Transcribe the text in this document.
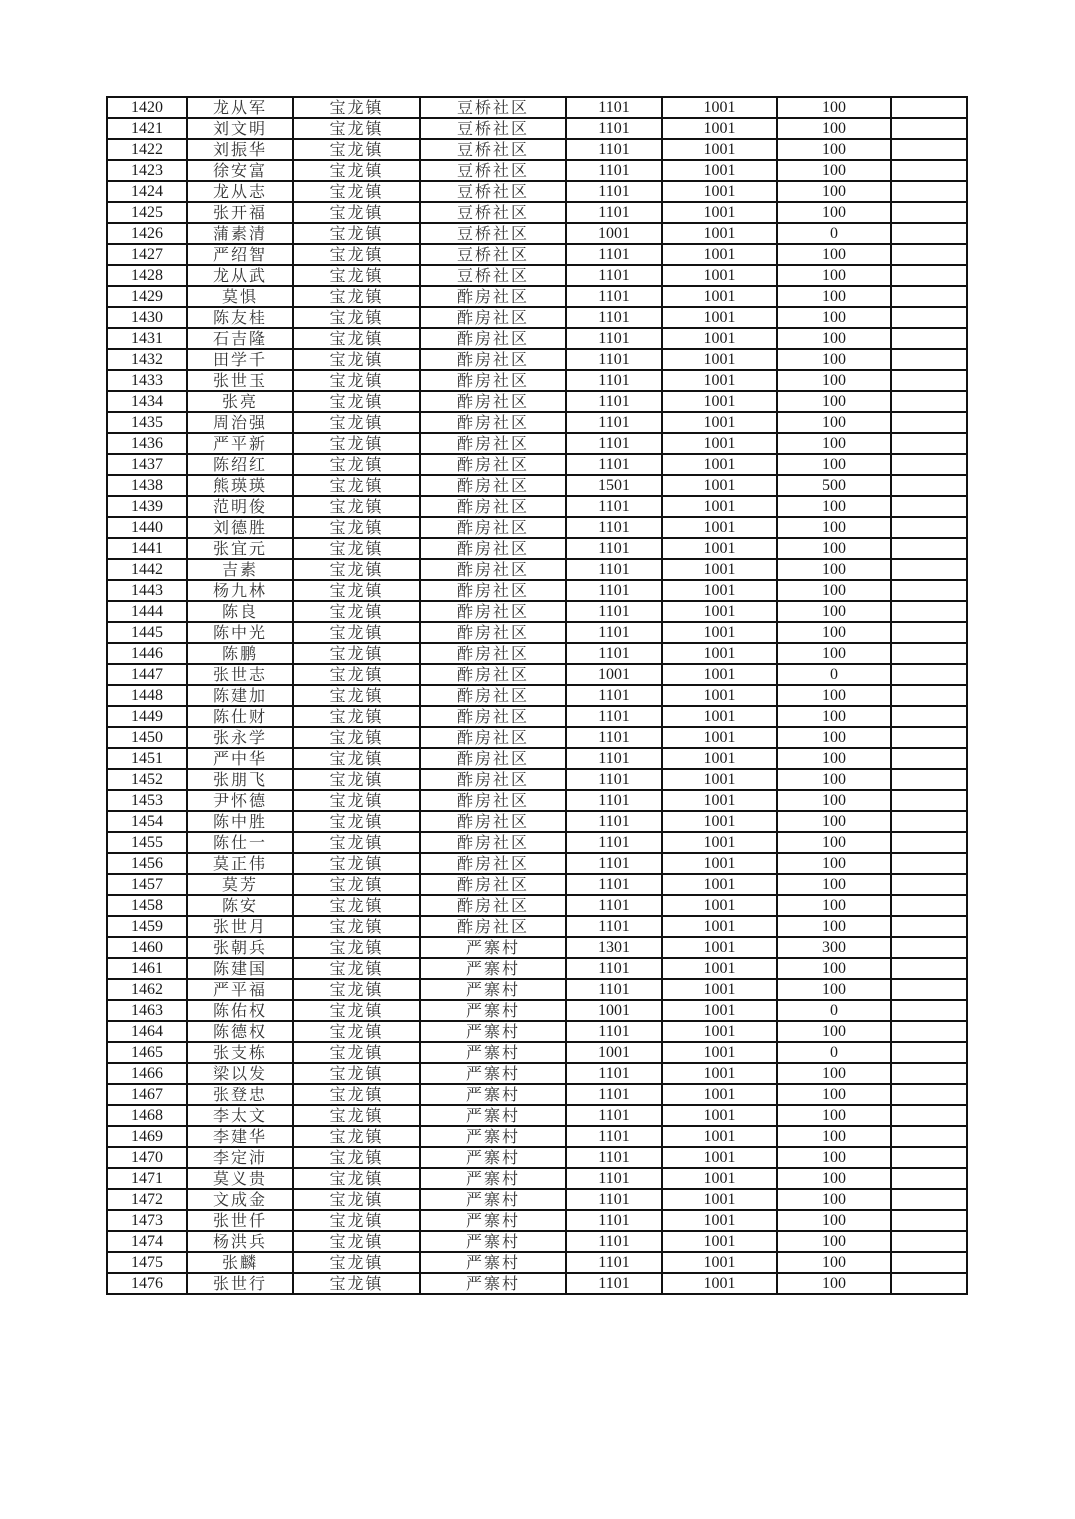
1420	龙从军	宝龙镇	豆桥社区	1101	1001	100	
1421	刘文明	宝龙镇	豆桥社区	1101	1001	100	
1422	刘振华	宝龙镇	豆桥社区	1101	1001	100	
1423	徐安富	宝龙镇	豆桥社区	1101	1001	100	
1424	龙从志	宝龙镇	豆桥社区	1101	1001	100	
1425	张开福	宝龙镇	豆桥社区	1101	1001	100	
1426	蒲素清	宝龙镇	豆桥社区	1001	1001	0	
1427	严绍智	宝龙镇	豆桥社区	1101	1001	100	
1428	龙从武	宝龙镇	豆桥社区	1101	1001	100	
1429	莫惧	宝龙镇	酢房社区	1101	1001	100	
1430	陈友桂	宝龙镇	酢房社区	1101	1001	100	
1431	石吉隆	宝龙镇	酢房社区	1101	1001	100	
1432	田学千	宝龙镇	酢房社区	1101	1001	100	
1433	张世玉	宝龙镇	酢房社区	1101	1001	100	
1434	张亮	宝龙镇	酢房社区	1101	1001	100	
1435	周治强	宝龙镇	酢房社区	1101	1001	100	
1436	严平新	宝龙镇	酢房社区	1101	1001	100	
1437	陈绍红	宝龙镇	酢房社区	1101	1001	100	
1438	熊瑛瑛	宝龙镇	酢房社区	1501	1001	500	
1439	范明俊	宝龙镇	酢房社区	1101	1001	100	
1440	刘德胜	宝龙镇	酢房社区	1101	1001	100	
1441	张宜元	宝龙镇	酢房社区	1101	1001	100	
1442	吉素	宝龙镇	酢房社区	1101	1001	100	
1443	杨九林	宝龙镇	酢房社区	1101	1001	100	
1444	陈良	宝龙镇	酢房社区	1101	1001	100	
1445	陈中光	宝龙镇	酢房社区	1101	1001	100	
1446	陈鹏	宝龙镇	酢房社区	1101	1001	100	
1447	张世志	宝龙镇	酢房社区	1001	1001	0	
1448	陈建加	宝龙镇	酢房社区	1101	1001	100	
1449	陈仕财	宝龙镇	酢房社区	1101	1001	100	
1450	张永学	宝龙镇	酢房社区	1101	1001	100	
1451	严中华	宝龙镇	酢房社区	1101	1001	100	
1452	张朋飞	宝龙镇	酢房社区	1101	1001	100	
1453	尹怀德	宝龙镇	酢房社区	1101	1001	100	
1454	陈中胜	宝龙镇	酢房社区	1101	1001	100	
1455	陈仕一	宝龙镇	酢房社区	1101	1001	100	
1456	莫正伟	宝龙镇	酢房社区	1101	1001	100	
1457	莫芳	宝龙镇	酢房社区	1101	1001	100	
1458	陈安	宝龙镇	酢房社区	1101	1001	100	
1459	张世月	宝龙镇	酢房社区	1101	1001	100	
1460	张朝兵	宝龙镇	严寨村	1301	1001	300	
1461	陈建国	宝龙镇	严寨村	1101	1001	100	
1462	严平福	宝龙镇	严寨村	1101	1001	100	
1463	陈佑权	宝龙镇	严寨村	1001	1001	0	
1464	陈德权	宝龙镇	严寨村	1101	1001	100	
1465	张支栋	宝龙镇	严寨村	1001	1001	0	
1466	梁以发	宝龙镇	严寨村	1101	1001	100	
1467	张登忠	宝龙镇	严寨村	1101	1001	100	
1468	李太文	宝龙镇	严寨村	1101	1001	100	
1469	李建华	宝龙镇	严寨村	1101	1001	100	
1470	李定沛	宝龙镇	严寨村	1101	1001	100	
1471	莫义贵	宝龙镇	严寨村	1101	1001	100	
1472	文成金	宝龙镇	严寨村	1101	1001	100	
1473	张世仟	宝龙镇	严寨村	1101	1001	100	
1474	杨洪兵	宝龙镇	严寨村	1101	1001	100	
1475	张麟	宝龙镇	严寨村	1101	1001	100	
1476	张世行	宝龙镇	严寨村	1101	1001	100	
